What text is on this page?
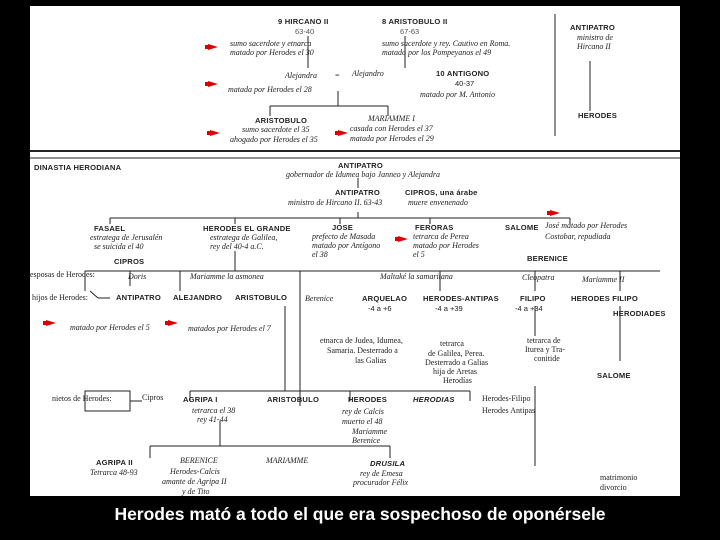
9 HIRCANO II
63-40
8 ARISTOBULO II
67-63
sumo sacerdote y etnarca
matado por Herodes el 30
sumo sacerdote y rey. Cautivo en Roma.
matado por los Pompeyanos el 49
ANTIPATRO
ministro de
Hircano II
HERODES
Alejandra = Alejandro	10 ANTIGONO
40-37
matada por Herodes el 28
matado por M. Antonio
ARISTOBULO
sumo sacerdote el 35
ahogado por Herodes el 35
MARIAMME I
casada con Herodes el 37
matada por Herodes el 29
DINASTIA HERODIANA	ANTIPATRO
gobernador de Idumea bajo Janneo y Alejandra
ANTIPATRO	CIPROS, una árabe
ministro de Hircano II. 63-43	muere envenenado
FASAEL
estratega de Jerusalén
se suicida el 40
HERODES EL GRANDE
estratega de Galilea,
rey del 40-4 a.C.
JOSE
prefecto de Masada
matado por Antígono
el 38
FERORAS
tetrarca de Perea
matado por Herodes
el 5
SALOME José matado por Herodes
Costobar, repudiada
CIPROS
esposas de Herodes:	Doris
hijos de Herodes:	ANTIPATRO
matado por Herodes el 5
Mariamme la asmonea
ALEJANDRO ARISTOBULO Berenice
matados por Herodes el 7
Maltaké la samaritana
ARQUELAO
-4 a +6
HERODES-ANTIPAS
-4 a +39
BERENICE
Cleopatra
FILIPO
-4 a +34
Mariamme II
HERODES FILIPO
HERODIADES
SALOME
etnarca de Judea, Idumea,
Samaria. Desterrado a
las Galias
tetrarca
de Galilea, Perea.
Desterrado a Galias
hija de Aretas
Herodías
tetrarca de
Iturea y Tra-
conitide
nietos de Herodes:	Cipros	AGRIPA I
tetrarca el 38
rey 41-44
ARISTOBULO	HERODES
rey de Calcis
muerto el 48
Mariamme
Berenice
HERODIAS	Herodes-Filipo
Herodes Antipas
AGRIPA II
Tetrarca 48-93
BERENICE
Herodes-Calcis
amante de Agripa II
y de Tito
MARIAMME	DRUSILA
rey de Emesa
procurador Félix
matrimonio
divorcio
Herodes mató a todo el que era sospechoso de oponérsele
